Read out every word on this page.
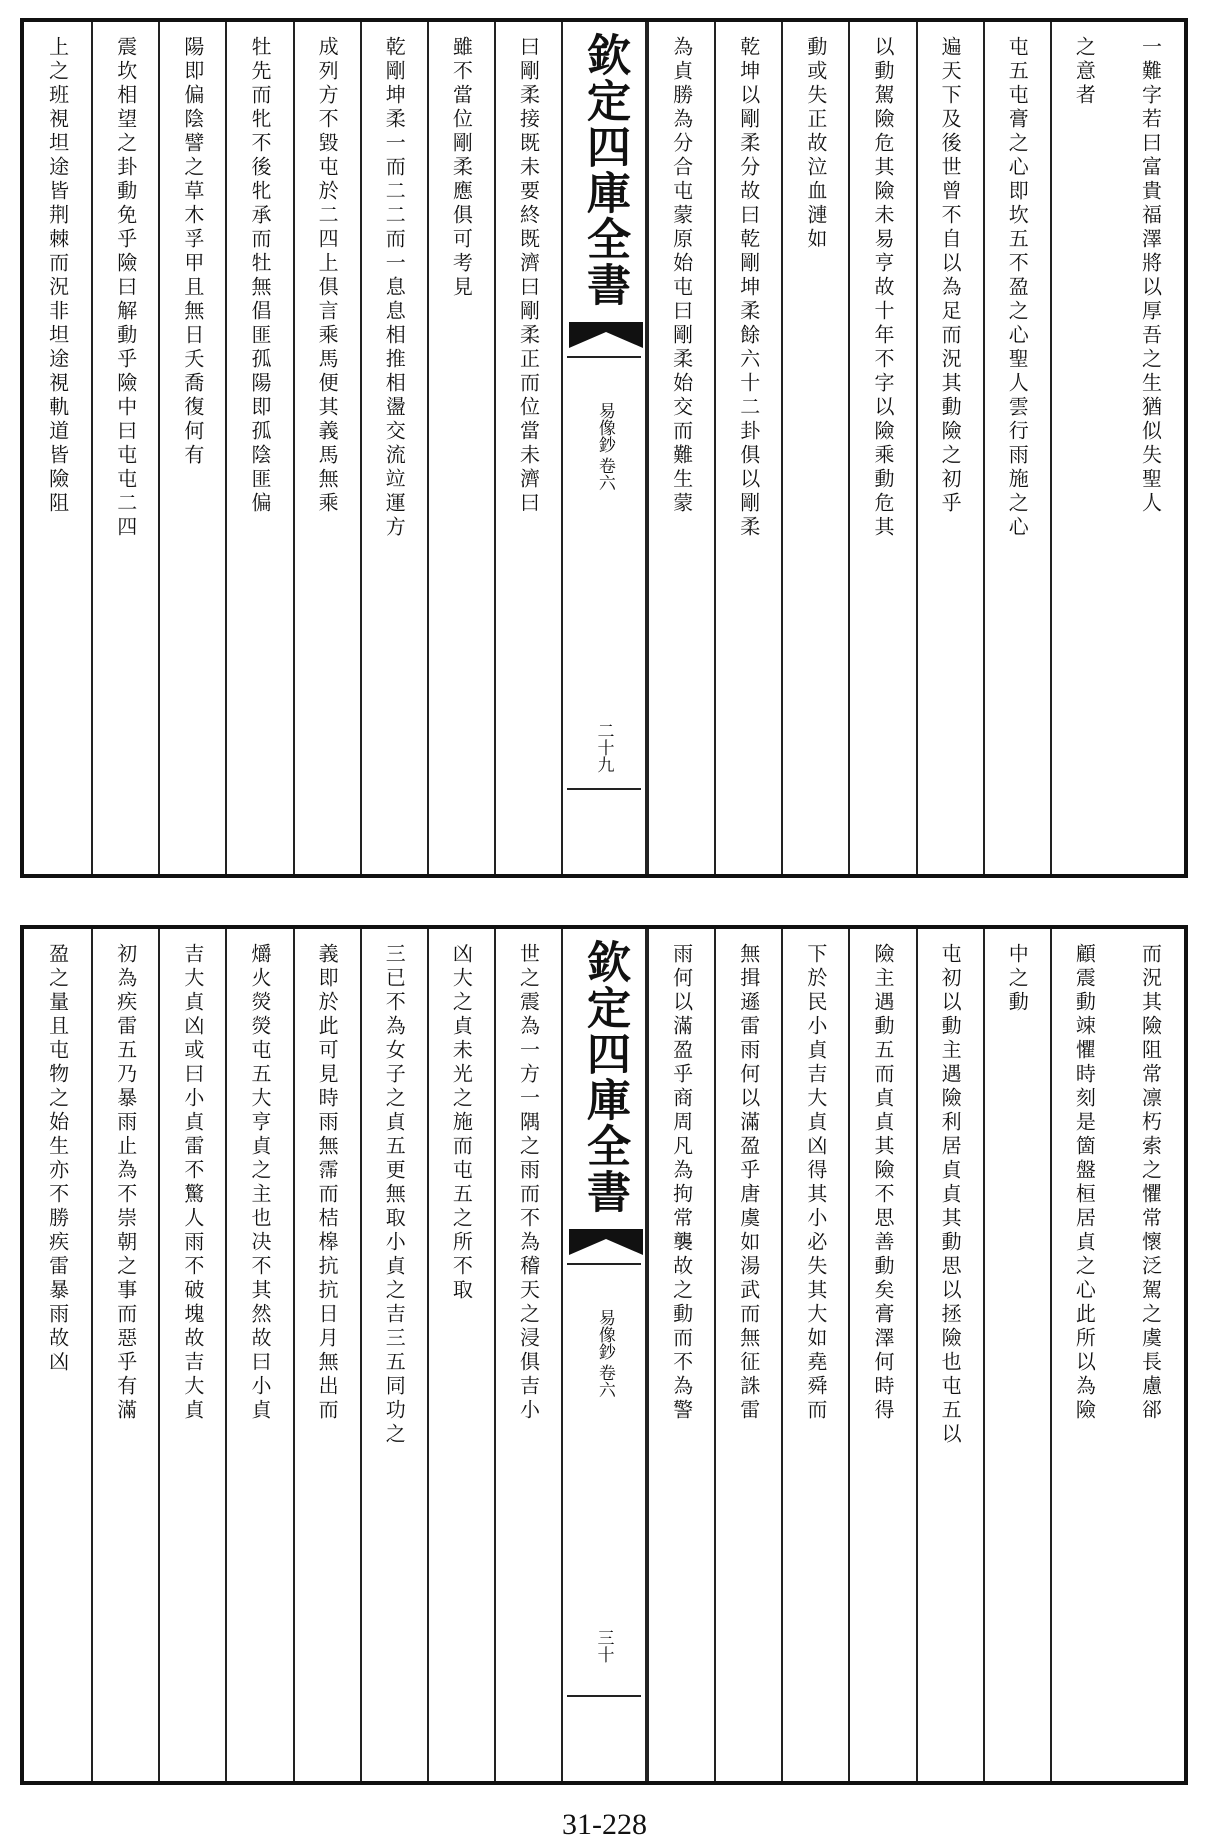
一難字若曰富貴福澤將以厚吾之生猶似失聖人
之意者
屯五屯膏之心即坎五不盈之心聖人雲行雨施之心
遍天下及後世曾不自以為足而況其動險之初乎
以動駕險危其險未易亨故十年不字以險乘動危其
動或失正故泣血漣如
乾坤以剛柔分故曰乾剛坤柔餘六十二卦俱以剛柔
為貞勝為分合屯蒙原始屯曰剛柔始交而難生蒙
欽定四庫全書
易像鈔卷六
二十九
曰剛柔接既未要終既濟曰剛柔正而位當未濟曰
雖不當位剛柔應俱可考見
乾剛坤柔一而二二而一息息相推相盪交流竝運方
成列方不毀屯於二四上俱言乘馬便其義馬無乘
牡先而牝不後牝承而牡無倡匪孤陽即孤陰匪偏
陽即偏陰譬之草木孚甲且無日夭喬復何有
震坎相望之卦動免乎險曰解動乎險中曰屯屯二四
上之班視坦途皆荆棘而況非坦途視軌道皆險阻
而況其險阻常凛朽索之懼常懷泛駕之虞長慮郤
顧震動竦懼時刻是箇盤桓居貞之心此所以為險
中之動
屯初以動主遇險利居貞貞其動思以拯險也屯五以
險主遇動五而貞貞其險不思善動矣膏澤何時得
下於民小貞吉大貞凶得其小必失其大如堯舜而
無揖遜雷雨何以滿盈乎唐虞如湯武而無征誅雷
雨何以滿盈乎商周凡為拘常襲故之動而不為警
欽定四庫全書
易像鈔卷六
三十
世之震為一方一隅之雨而不為稽天之浸俱吉小
凶大之貞未光之施而屯五之所不取
三已不為女子之貞五更無取小貞之吉三五同功之
義即於此可見時雨無霈而桔槔抗抗日月無出而
爝火熒熒屯五大亨貞之主也决不其然故曰小貞
吉大貞凶或曰小貞雷不驚人雨不破塊故吉大貞
初為疾雷五乃暴雨止為不崇朝之事而惡乎有滿
盈之量且屯物之始生亦不勝疾雷暴雨故凶
31-228
